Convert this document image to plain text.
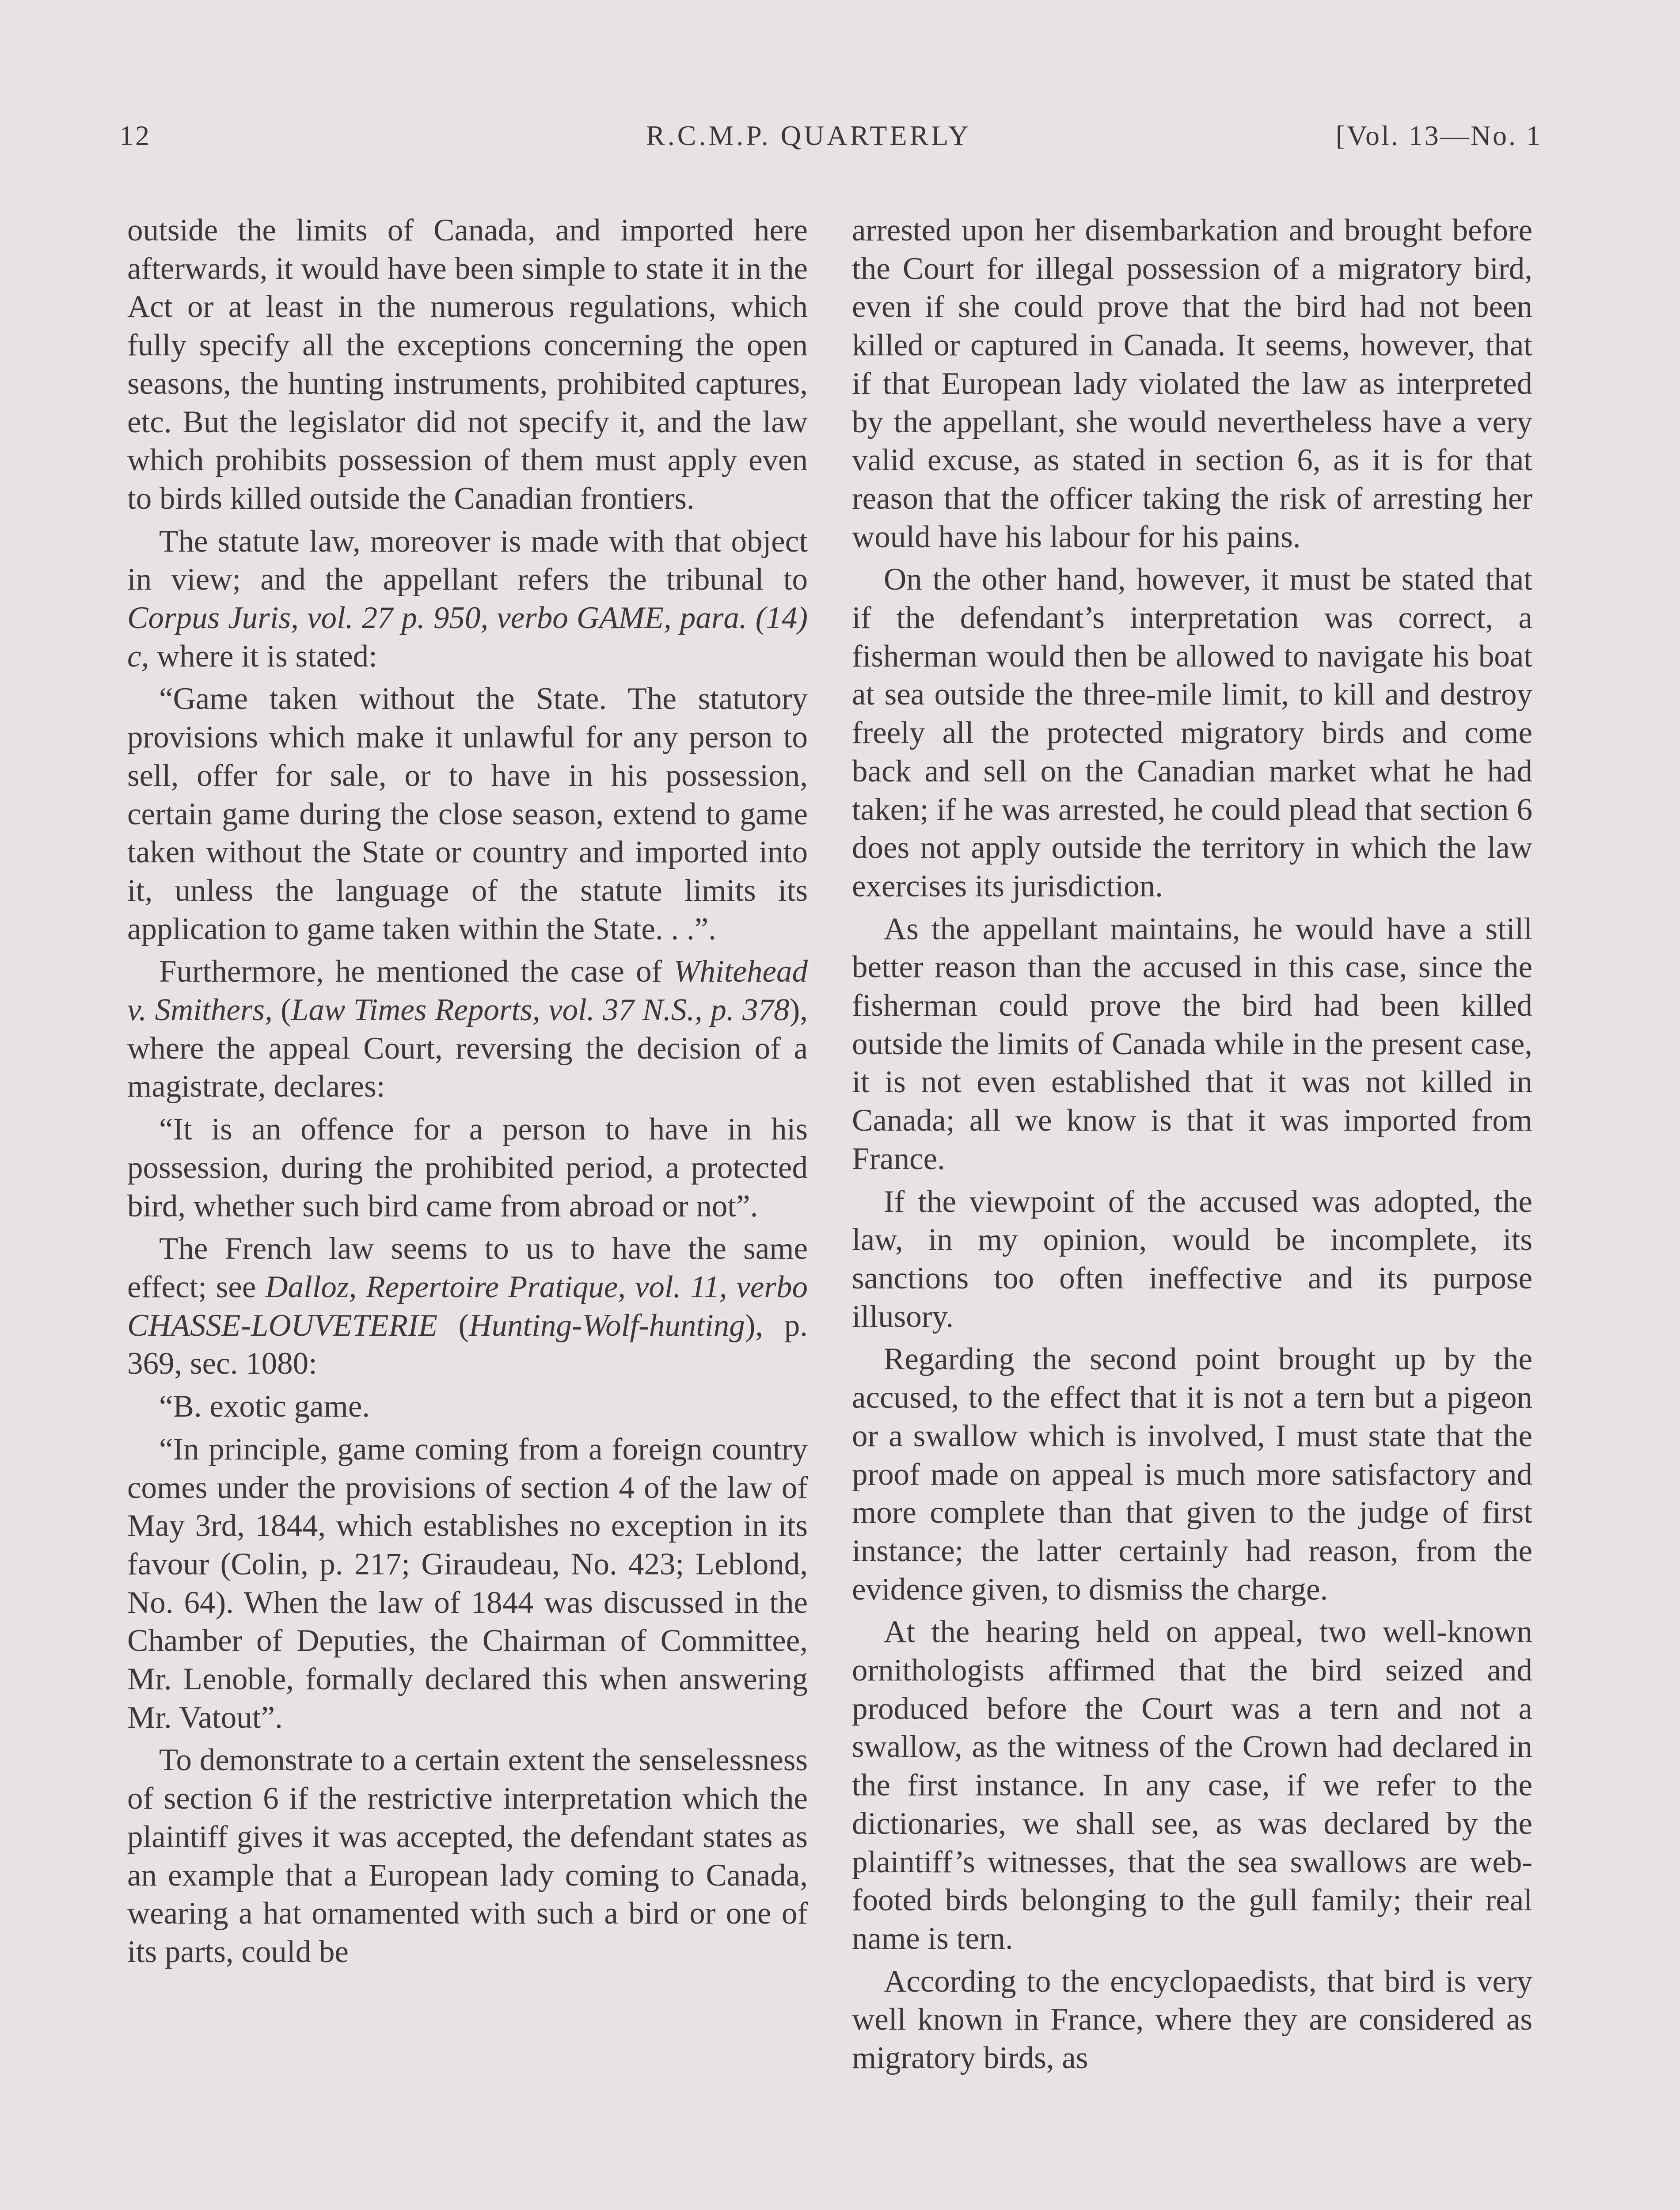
12	R.C.M.P. QUARTERLY	[Vol. 13—No. 1

outside the limits of Canada, and imported here afterwards, it would have been simple to state it in the Act or at least in the numerous regulations, which fully specify all the exceptions concerning the open seasons, the hunting instruments, prohibited captures, etc. But the legislator did not specify it, and the law which prohibits possession of them must apply even to birds killed outside the Canadian frontiers.

The statute law, moreover is made with that object in view; and the appellant refers the tribunal to Corpus Juris, vol. 27 p. 950, verbo GAME, para. (14) c, where it is stated:

“Game taken without the State. The statutory provisions which make it unlawful for any person to sell, offer for sale, or to have in his possession, certain game during the close season, extend to game taken without the State or country and imported into it, unless the language of the statute limits its application to game taken within the State. . .”.

Furthermore, he mentioned the case of Whitehead v. Smithers, (Law Times Reports, vol. 37 N.S., p. 378), where the appeal Court, reversing the decision of a magistrate, declares:

“It is an offence for a person to have in his possession, during the prohibited period, a protected bird, whether such bird came from abroad or not”.

The French law seems to us to have the same effect; see Dalloz, Repertoire Pratique, vol. 11, verbo CHASSE-LOUVETERIE (Hunting-Wolf-hunting), p. 369, sec. 1080:

“B. exotic game.

“In principle, game coming from a foreign country comes under the provisions of section 4 of the law of May 3rd, 1844, which establishes no exception in its favour (Colin, p. 217; Giraudeau, No. 423; Leblond, No. 64). When the law of 1844 was discussed in the Chamber of Deputies, the Chairman of Committee, Mr. Lenoble, formally declared this when answering Mr. Vatout”.

To demonstrate to a certain extent the senselessness of section 6 if the restrictive interpretation which the plaintiff gives it was accepted, the defendant states as an example that a European lady coming to Canada, wearing a hat ornamented with such a bird or one of its parts, could be

arrested upon her disembarkation and brought before the Court for illegal possession of a migratory bird, even if she could prove that the bird had not been killed or captured in Canada. It seems, however, that if that European lady violated the law as interpreted by the appellant, she would nevertheless have a very valid excuse, as stated in section 6, as it is for that reason that the officer taking the risk of arresting her would have his labour for his pains.

On the other hand, however, it must be stated that if the defendant’s interpretation was correct, a fisherman would then be allowed to navigate his boat at sea outside the three-mile limit, to kill and destroy freely all the protected migratory birds and come back and sell on the Canadian market what he had taken; if he was arrested, he could plead that section 6 does not apply outside the territory in which the law exercises its jurisdiction.

As the appellant maintains, he would have a still better reason than the accused in this case, since the fisherman could prove the bird had been killed outside the limits of Canada while in the present case, it is not even established that it was not killed in Canada; all we know is that it was imported from France.

If the viewpoint of the accused was adopted, the law, in my opinion, would be incomplete, its sanctions too often ineffective and its purpose illusory.

Regarding the second point brought up by the accused, to the effect that it is not a tern but a pigeon or a swallow which is involved, I must state that the proof made on appeal is much more satisfactory and more complete than that given to the judge of first instance; the latter certainly had reason, from the evidence given, to dismiss the charge.

At the hearing held on appeal, two well-known ornithologists affirmed that the bird seized and produced before the Court was a tern and not a swallow, as the witness of the Crown had declared in the first instance. In any case, if we refer to the dictionaries, we shall see, as was declared by the plaintiff’s witnesses, that the sea swallows are web-footed birds belonging to the gull family; their real name is tern.

According to the encyclopaedists, that bird is very well known in France, where they are considered as migratory birds, as
